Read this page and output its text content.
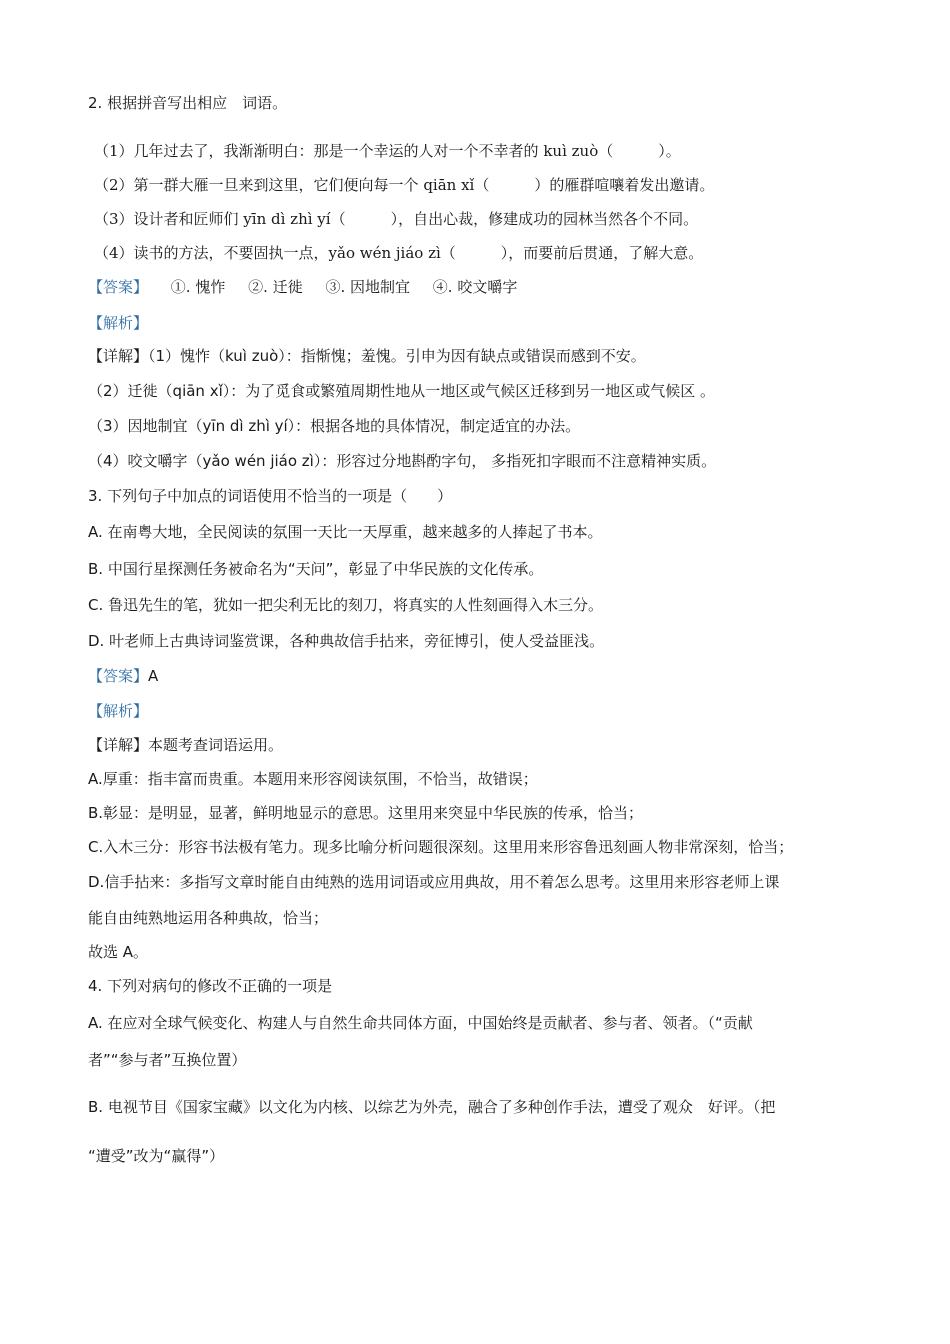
2. 根据拼音写出相应　词语。
（1）几年过去了，我渐渐明白：那是一个幸运的人对一个不幸者的 kuì zuò（　　　）。
（2）第一群大雁一旦来到这里，它们便向每一个 qiān xǐ（　　　）的雁群喧嚷着发出邀请。
（3）设计者和匠师们 yīn dì zhì yí（　　　），自出心裁，修建成功的园林当然各个不同。
（4）读书的方法，不要固执一点，yǎo wén jiáo zì（　　　），而要前后贯通，了解大意。
【答案】 ①. 愧怍 ②. 迁徙 ③. 因地制宜 ④. 咬文嚼字
【解析】
【详解】（1）愧怍（kuì zuò）：指惭愧；羞愧。引申为因有缺点或错误而感到不安。
（2）迁徙（qiān xǐ）：为了觅食或繁殖周期性地从一地区或气候区迁移到另一地区或气候区 。
（3）因地制宜（yīn dì zhì yí）：根据各地的具体情况，制定适宜的办法。
（4）咬文嚼字（yǎo wén jiáo zì）：形容过分地斟酌字句， 多指死扣字眼而不注意精神实质。
3. 下列句子中加点的词语使用不恰当的一项是（　　）
A. 在南粤大地，全民阅读的氛围一天比一天厚重，越来越多的人捧起了书本。
B. 中国行星探测任务被命名为“天问”，彰显了中华民族的文化传承。
C. 鲁迅先生的笔，犹如一把尖利无比的刻刀，将真实的人性刻画得入木三分。
D. 叶老师上古典诗词鉴赏课，各种典故信手拈来，旁征博引，使人受益匪浅。
【答案】A
【解析】
【详解】本题考查词语运用。
A.厚重：指丰富而贵重。本题用来形容阅读氛围，不恰当，故错误；
B.彰显：是明显，显著，鲜明地显示的意思。这里用来突显中华民族的传承，恰当；
C.入木三分：形容书法极有笔力。现多比喻分析问题很深刻。这里用来形容鲁迅刻画人物非常深刻，恰当；
D.信手拈来：多指写文章时能自由纯熟的选用词语或应用典故，用不着怎么思考。这里用来形容老师上课
能自由纯熟地运用各种典故，恰当；
故选 A。
4. 下列对病句的修改不正确的一项是
A. 在应对全球气候变化、构建人与自然生命共同体方面，中国始终是贡献者、参与者、领者。（“贡献
者”“参与者”互换位置）
B. 电视节目《国家宝藏》以文化为内核、以综艺为外壳，融合了多种创作手法，遭受了观众　好评。（把
“遭受”改为“赢得”）
